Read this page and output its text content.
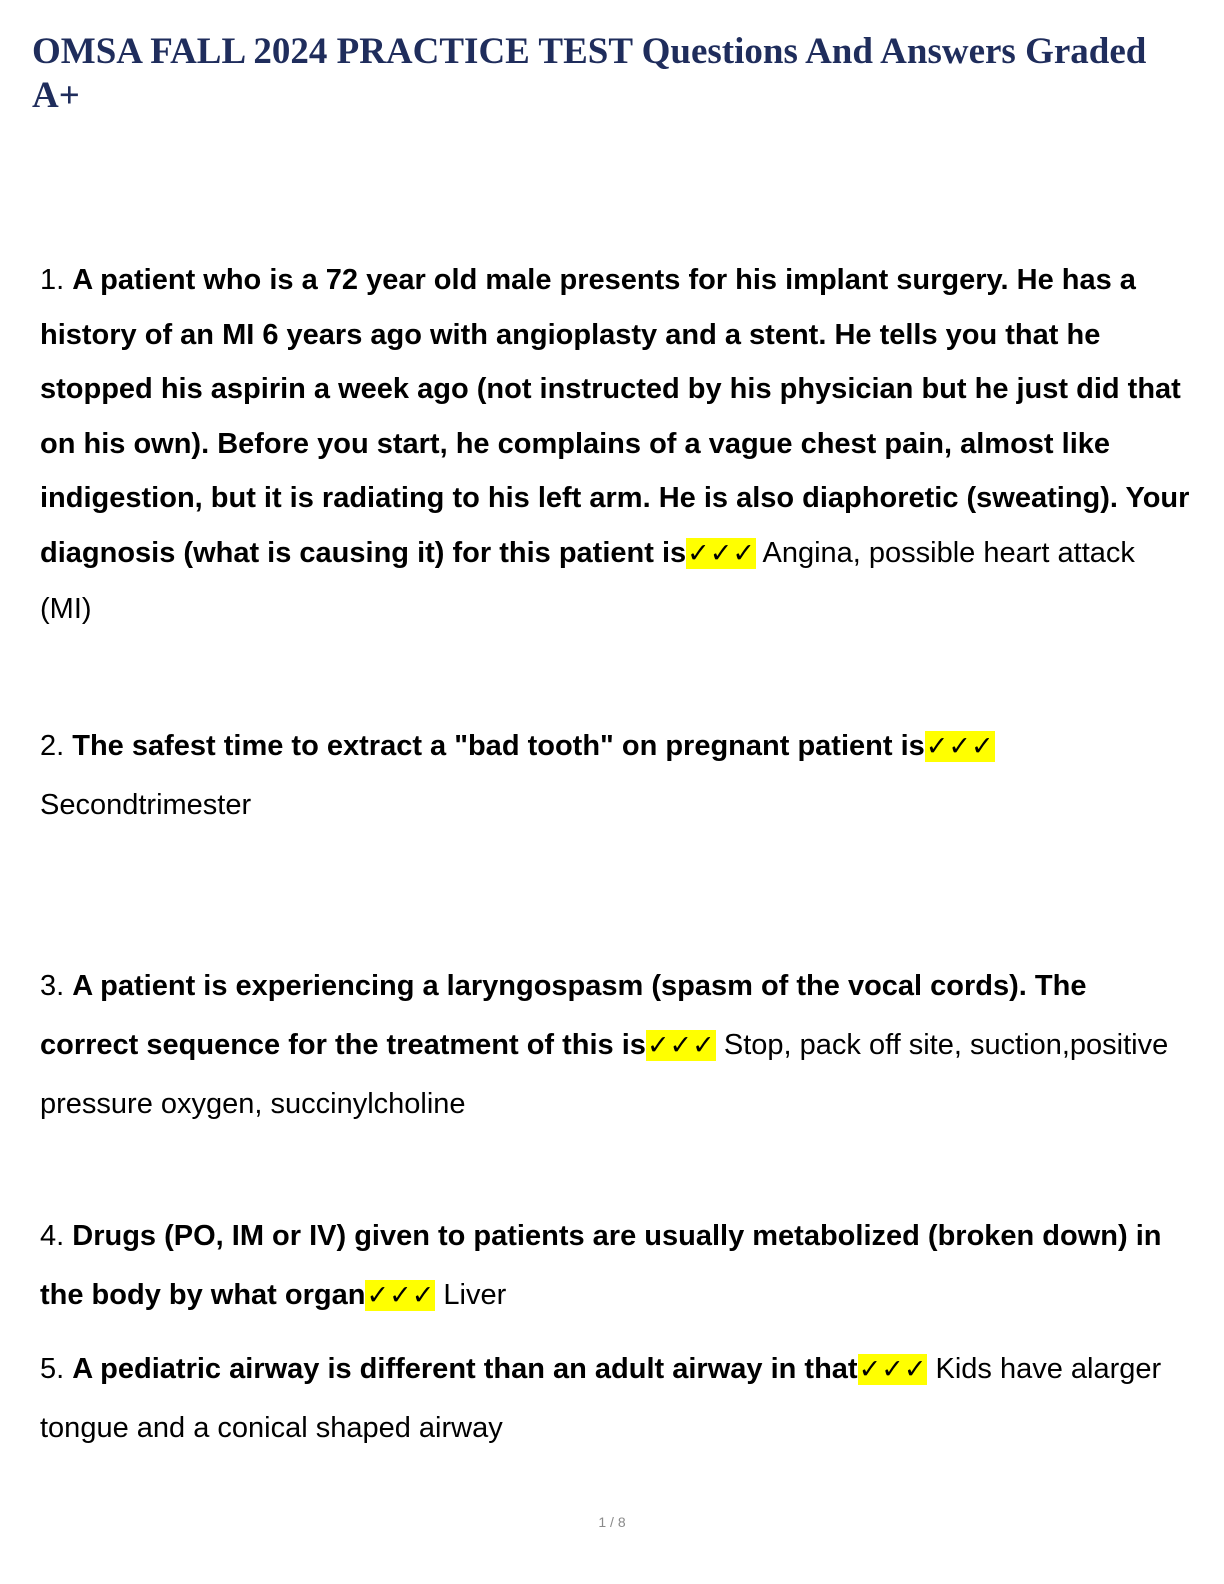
OMSA FALL 2024 PRACTICE TEST Questions And Answers Graded A+

1. A patient who is a 72 year old male presents for his implant surgery. He has a history of an MI 6 years ago with angioplasty and a stent. He tells you that he stopped his aspirin a week ago (not instructed by his physician but he just did that on his own). Before you start, he complains of a vague chest pain, almost like indigestion, but it is radiating to his left arm. He is also diaphoretic (sweating). Your diagnosis (what is causing it) for this patient is✓✓✓ Angina, possible heart attack (MI)

2. The safest time to extract a "bad tooth" on pregnant patient is✓✓✓
Secondtrimester

3. A patient is experiencing a laryngospasm (spasm of the vocal cords). The correct sequence for the treatment of this is✓✓✓ Stop, pack off site, suction,positive pressure oxygen, succinylcholine

4. Drugs (PO, IM or IV) given to patients are usually metabolized (broken down) in the body by what organ✓✓✓ Liver

5. A pediatric airway is different than an adult airway in that✓✓✓ Kids have alarger tongue and a conical shaped airway

1 / 8
